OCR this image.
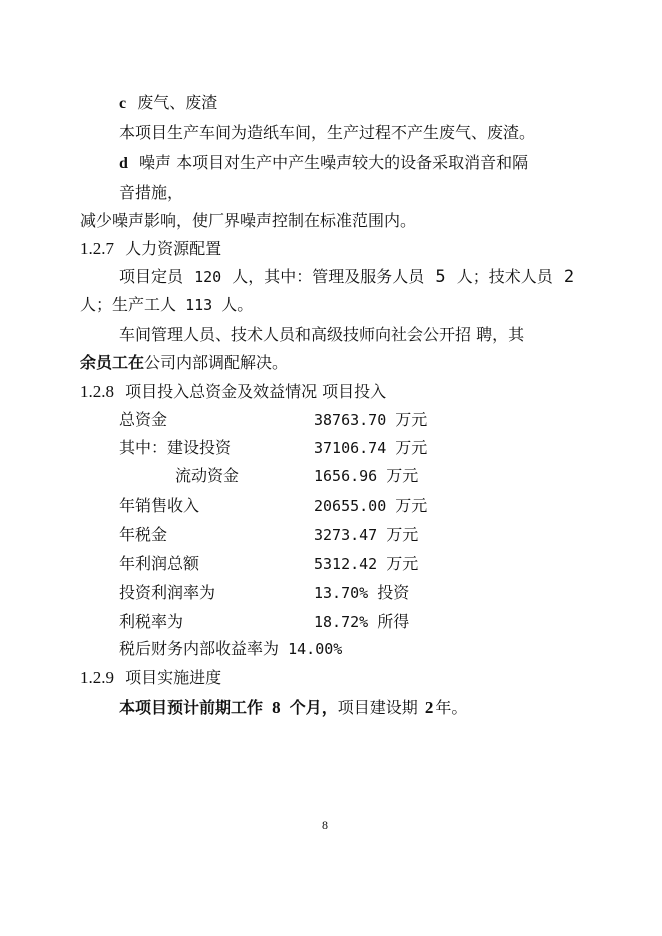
c 废气、废渣
本项目生产车间为造纸车间，生产过程不产生废气、废渣。
d 噪声 本项目对生产中产生噪声较大的设备采取消音和隔
音措施，
减少噪声影响，使厂界噪声控制在标准范围内。
1.2.7 人力资源配置
项目定员 120 人，其中：管理及服务人员 5 人；技术人员 2
人；生产工人 113 人。
车间管理人员、技术人员和高级技师向社会公开招 聘，其
余员工在公司内部调配解决。
1.2.8 项目投入总资金及效益情况 项目投入
总资金	38763.70 万元
其中：建设投资	37106.74 万元
流动资金	1656.96 万元
年销售收入	20655.00 万元
年税金	3273.47 万元
年利润总额	5312.42 万元
投资利润率为	13.70% 投资
利税率为	18.72% 所得
税后财务内部收益率为 14.00%
1.2.9 项目实施进度
本项目预计前期工作 8 个月，项目建设期 2 年。
8
